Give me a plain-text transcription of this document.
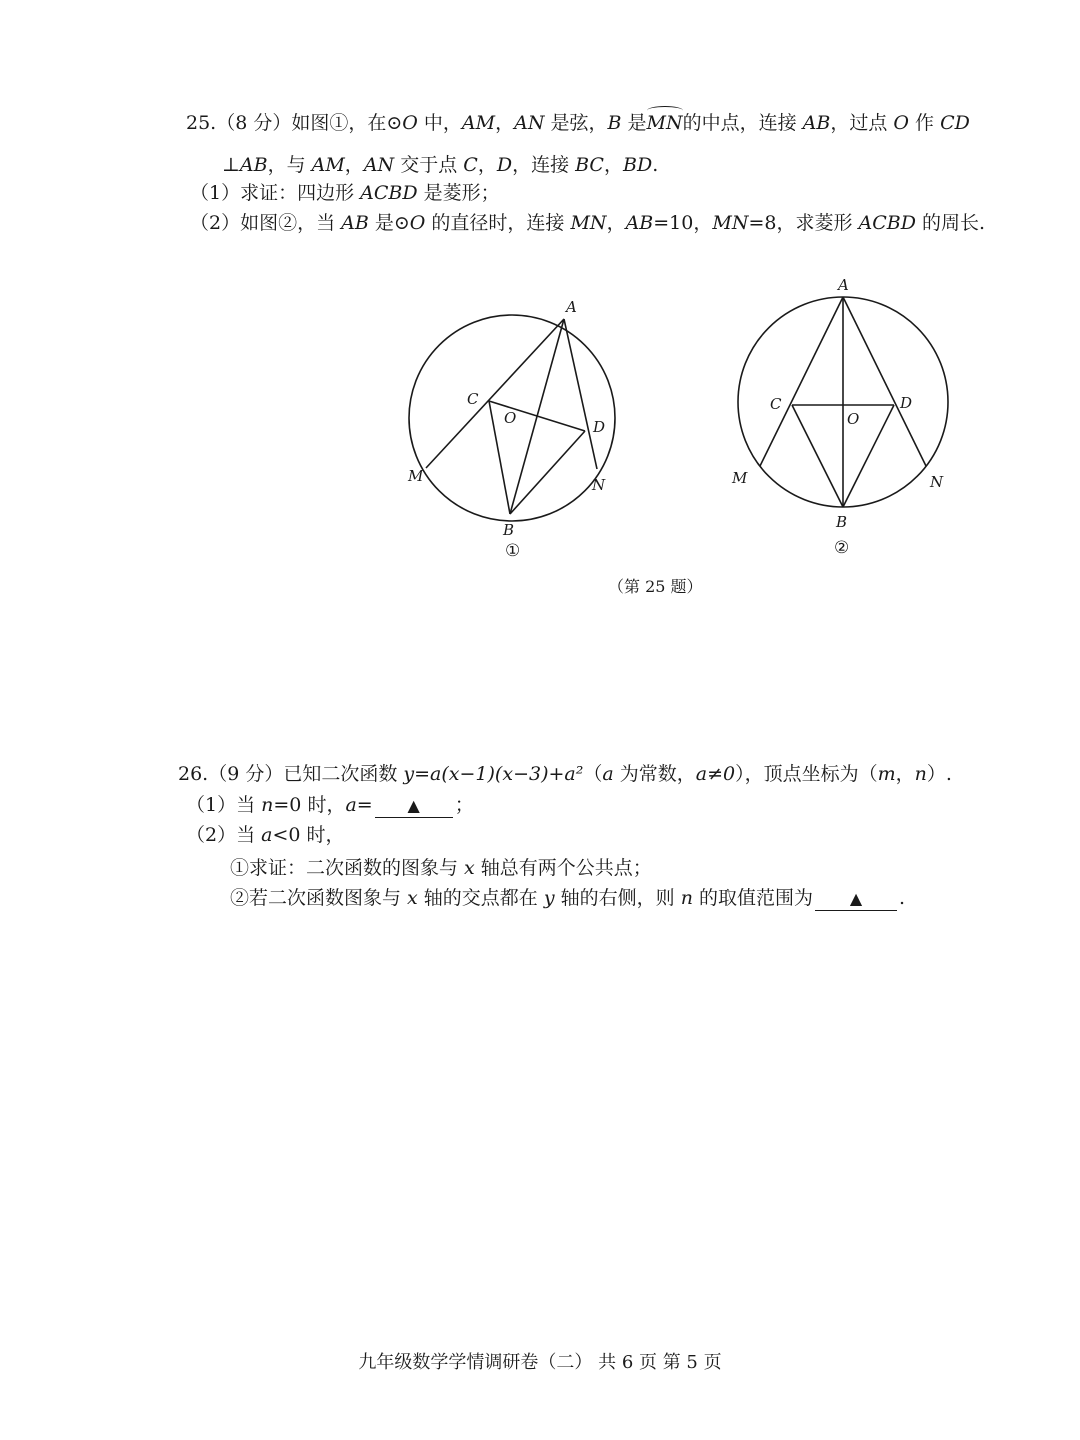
25.（8 分）如图①，在⊙O 中，AM，AN 是弦，B 是MN的中点，连接 AB，过点 O 作 CD
⊥AB，与 AM，AN 交于点 C，D，连接 BC，BD.
（1）求证：四边形 ACBD 是菱形；
（2）如图②，当 AB 是⊙O 的直径时，连接 MN，AB=10，MN=8，求菱形 ACBD 的周长.
A
B
C
D
M	N
O
①
A
B
C	D
M	N
O
②
（第 25 题）
26.（9 分）已知二次函数 y=a(x−1)(x−3)+a²（a 为常数，a≠0），顶点坐标为（m，n）.
（1）当 n=0 时，a= ▲ ；
（2）当 a<0 时，
①求证：二次函数的图象与 x 轴总有两个公共点；
②若二次函数图象与 x 轴的交点都在 y 轴的右侧，则 n 的取值范围为 ▲ .
九年级数学学情调研卷（二） 共 6 页 第 5 页
